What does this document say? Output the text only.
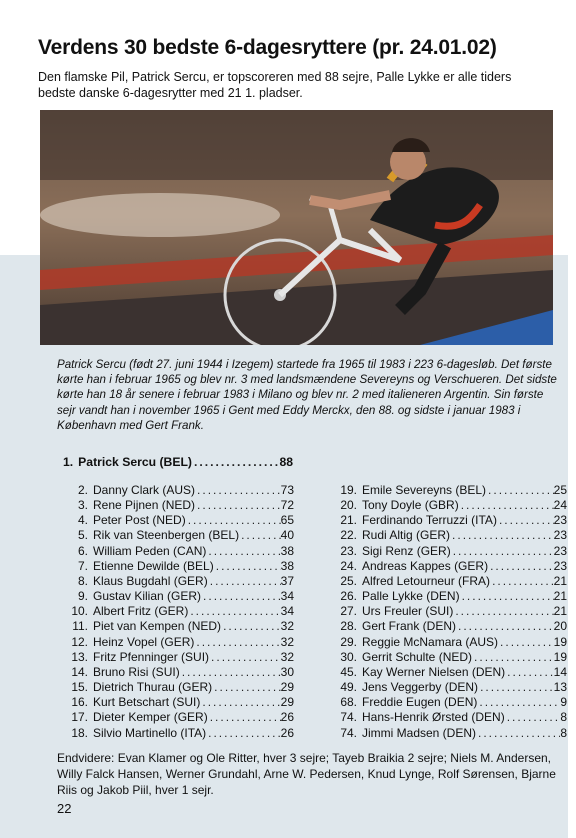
Verdens 30 bedste 6-dagesryttere (pr. 24.01.02)
Den flamske Pil, Patrick Sercu, er topscoreren med 88 sejre, Palle Lykke er alle tiders bedste danske 6-dagesrytter med 21 1. pladser.
Patrick Sercu (født 27. juni 1944 i Izegem) startede fra 1965 til 1983 i 223 6-dagesløb. Det første kørte han i februar 1965 og blev nr. 3 med landsmændene Severeyns og Verschueren. Det sidste kørte han 18 år senere i februar 1983 i Milano og blev nr. 2 med italieneren Argentin. Sin første sejr vandt han i november 1965 i Gent med Eddy Merckx, den 88. og sidste i januar 1983 i København med Gert Frank.
1. Patrick Sercu (BEL) .....	88
2. Danny Clark (AUS) .....	73
3. Rene Pijnen (NED) .....	72
4. Peter Post (NED) .....	65
5. Rik van Steenbergen (BEL) .....	40
6. William Peden (CAN) .....	38
7. Etienne Dewilde (BEL) .....	38
8. Klaus Bugdahl (GER) .....	37
9. Gustav Kilian (GER) .....	34
10. Albert Fritz (GER) .....	34
11. Piet van Kempen (NED) .....	32
12. Heinz Vopel (GER) .....	32
13. Fritz Pfenninger (SUI) .....	32
14. Bruno Risi (SUI) .....	30
15. Dietrich Thurau (GER) .....	29
16. Kurt Betschart (SUI) .....	29
17. Dieter Kemper (GER) .....	26
18. Silvio Martinello (ITA) .....	26
19. Emile Severeyns (BEL) .....	25
20. Tony Doyle (GBR) .....	24
21. Ferdinando Terruzzi (ITA) .....	23
22. Rudi Altig (GER) .....	23
23. Sigi Renz (GER) .....	23
24. Andreas Kappes (GER) .....	23
25. Alfred Letourneur (FRA) .....	21
26. Palle Lykke (DEN) .....	21
27. Urs Freuler (SUI) .....	21
28. Gert Frank (DEN) .....	20
29. Reggie McNamara (AUS) .....	19
30. Gerrit Schulte (NED) .....	19
45. Kay Werner Nielsen (DEN) .....	14
49. Jens Veggerby (DEN) .....	13
68. Freddie Eugen (DEN) .....	9
74. Hans-Henrik Ørsted (DEN) .....	8
74. Jimmi Madsen (DEN) .....	8
Endvidere: Evan Klamer og Ole Ritter, hver 3 sejre; Tayeb Braikia 2 sejre; Niels M. Andersen, Willy Falck Hansen, Werner Grundahl, Arne W. Pedersen, Knud Lynge, Rolf Sørensen, Bjarne Riis og Jakob Piil, hver 1 sejr.
22
